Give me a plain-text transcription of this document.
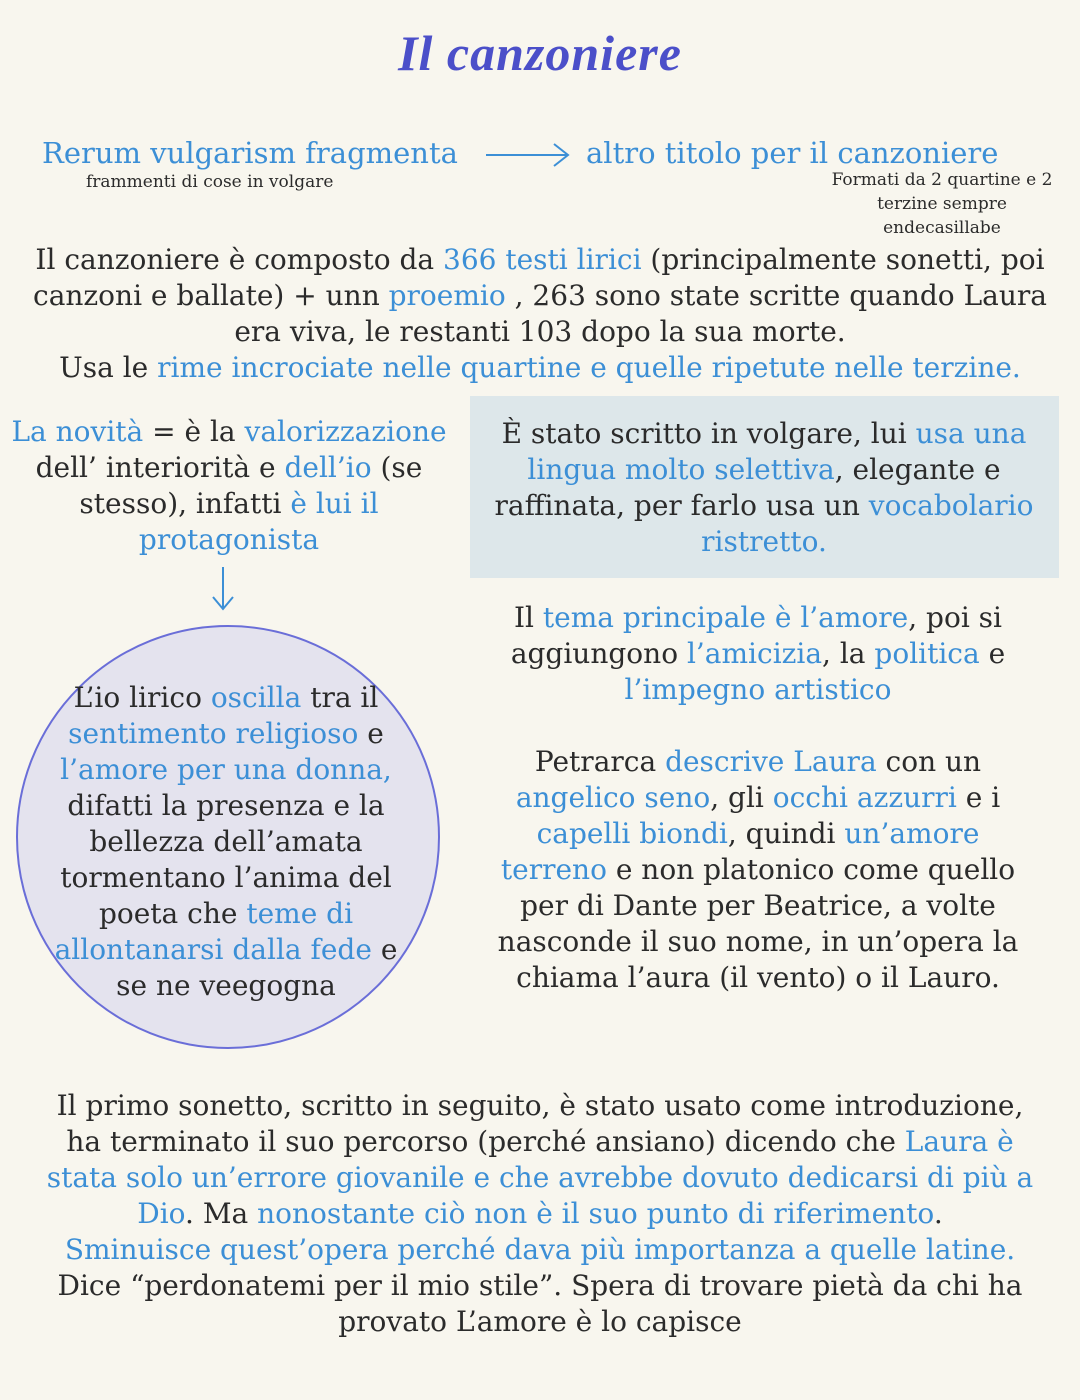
Il canzoniere
Rerum vulgarism fragmenta	altro titolo per il canzoniere
frammenti di cose in volgare	Formati da 2 quartine e 2
terzine sempre
endecasillabe
Il canzoniere è composto da 366 testi lirici (principalmente sonetti, poi
canzoni e ballate) + unn proemio , 263 sono state scritte quando Laura
era viva, le restanti 103 dopo la sua morte.
Usa le rime incrociate nelle quartine e quelle ripetute nelle terzine.
La novità = è la valorizzazione
dell’ interiorità e dell’io (se
stesso), infatti è lui il
protagonista
È stato scritto in volgare, lui usa una
lingua molto selettiva, elegante e
raffinata, per farlo usa un vocabolario
ristretto.
L’io lirico oscilla tra il
sentimento religioso e
l’amore per una donna,
difatti la presenza e la
bellezza dell’amata
tormentano l’anima del
poeta che teme di
allontanarsi dalla fede e
se ne veegogna
Il tema principale è l’amore, poi si
aggiungono l’amicizia, la politica e
l’impegno artistico
Petrarca descrive Laura con un
angelico seno, gli occhi azzurri e i
capelli biondi, quindi un’amore
terreno e non platonico come quello
per di Dante per Beatrice, a volte
nasconde il suo nome, in un’opera la
chiama l’aura (il vento) o il Lauro.
Il primo sonetto, scritto in seguito, è stato usato come introduzione,
ha terminato il suo percorso (perché ansiano) dicendo che Laura è
stata solo un’errore giovanile e che avrebbe dovuto dedicarsi di più a
Dio. Ma nonostante ciò non è il suo punto di riferimento.
Sminuisce quest’opera perché dava più importanza a quelle latine.
Dice “perdonatemi per il mio stile”. Spera di trovare pietà da chi ha
provato L’amore è lo capisce
